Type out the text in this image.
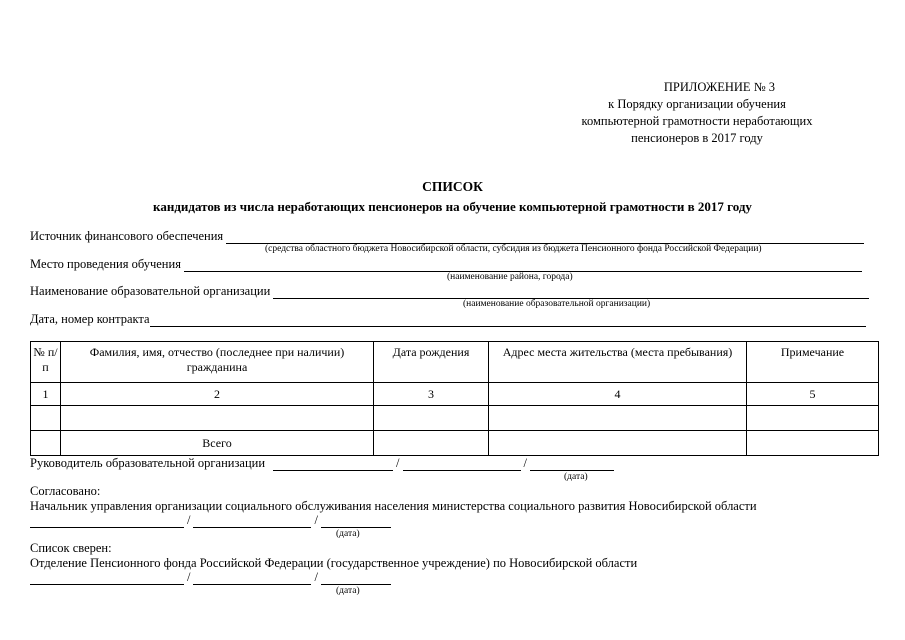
ПРИЛОЖЕНИЕ № 3
к Порядку организации обучения
компьютерной грамотности неработающих
пенсионеров в 2017 году
СПИСОК
кандидатов из числа неработающих пенсионеров на обучение компьютерной грамотности в 2017 году
Источник финансового обеспечения
(средства областного бюджета Новосибирской области, субсидия из бюджета Пенсионного фонда Российской Федерации)
Место проведения обучения
(наименование района, города)
Наименование образовательной организации
(наименование образовательной организации)
Дата, номер контракта
№ п/п	Фамилия, имя, отчество (последнее при наличии) гражданина	Дата рождения	Адрес места жительства (места пребывания)	Примечание
1	2	3	4	5

	Всего			
Руководитель образовательной организации	/	/
(дата)
Согласовано:
Начальник управления организации социального обслуживания населения министерства социального развития Новосибирской области
/	/
(дата)
Список сверен:
Отделение Пенсионного фонда Российской Федерации (государственное учреждение) по Новосибирской области
/	/
(дата)
